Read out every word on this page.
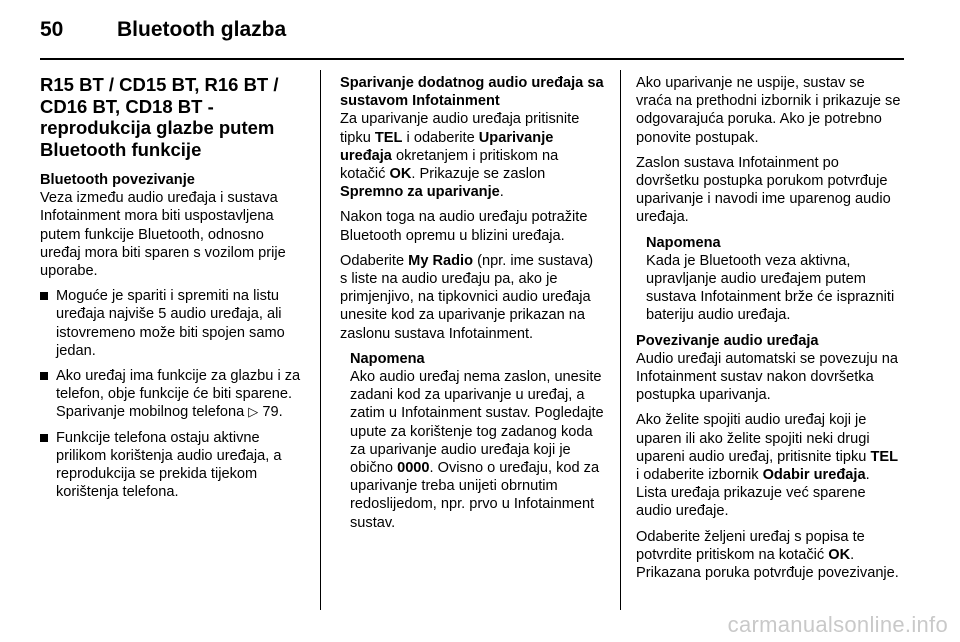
50	Bluetooth glazba
R15 BT / CD15 BT, R16 BT / CD16 BT, CD18 BT - reprodukcija glazbe putem Bluetooth funkcije
Bluetooth povezivanje

Veza između audio uređaja i sustava Infotainment mora biti uspostavljena putem funkcije Bluetooth, odnosno uređaj mora biti sparen s vozilom prije uporabe.

Moguće je spariti i spremiti na listu uređaja najviše 5 audio uređaja, ali istovremeno može biti spojen samo jedan.
Ako uređaj ima funkcije za glazbu i za telefon, obje funkcije će biti sparene. Sparivanje mobilnog telefona ▷ 79.
Funkcije telefona ostaju aktivne prilikom korištenja audio uređaja, a reprodukcija se prekida tijekom korištenja telefona.
Sparivanje dodatnog audio uređaja sa sustavom Infotainment

Za uparivanje audio uređaja pritisnite tipku TEL i odaberite Uparivanje uređaja okretanjem i pritiskom na kotačić OK. Prikazuje se zaslon Spremno za uparivanje.

Nakon toga na audio uređaju potražite Bluetooth opremu u blizini uređaja.

Odaberite My Radio (npr. ime sustava) s liste na audio uređaju pa, ako je primjenjivo, na tipkovnici audio uređaja unesite kod za uparivanje prikazan na zaslonu sustava Infotainment.

Napomena
Ako audio uređaj nema zaslon, unesite zadani kod za uparivanje u uređaj, a zatim u Infotainment sustav. Pogledajte upute za korištenje tog zadanog koda za uparivanje audio uređaja koji je obično 0000. Ovisno o uređaju, kod za uparivanje treba unijeti obrnutim redoslijedom, npr. prvo u Infotainment sustav.

Ako uparivanje ne uspije, sustav se vraća na prethodni izbornik i prikazuje se odgovarajuća poruka. Ako je potrebno ponovite postupak.

Zaslon sustava Infotainment po dovršetku postupka porukom potvrđuje uparivanje i navodi ime uparenog audio uređaja.

Napomena
Kada je Bluetooth veza aktivna, upravljanje audio uređajem putem sustava Infotainment brže će isprazniti bateriju audio uređaja.
Povezivanje audio uređaja

Audio uređaji automatski se povezuju na Infotainment sustav nakon dovršetka postupka uparivanja.

Ako želite spojiti audio uređaj koji je uparen ili ako želite spojiti neki drugi upareni audio uređaj, pritisnite tipku TEL i odaberite izbornik Odabir uređaja. Lista uređaja prikazuje već sparene audio uređaje.

Odaberite željeni uređaj s popisa te potvrdite pritiskom na kotačić OK. Prikazana poruka potvrđuje povezivanje.

carmanualsonline.info
